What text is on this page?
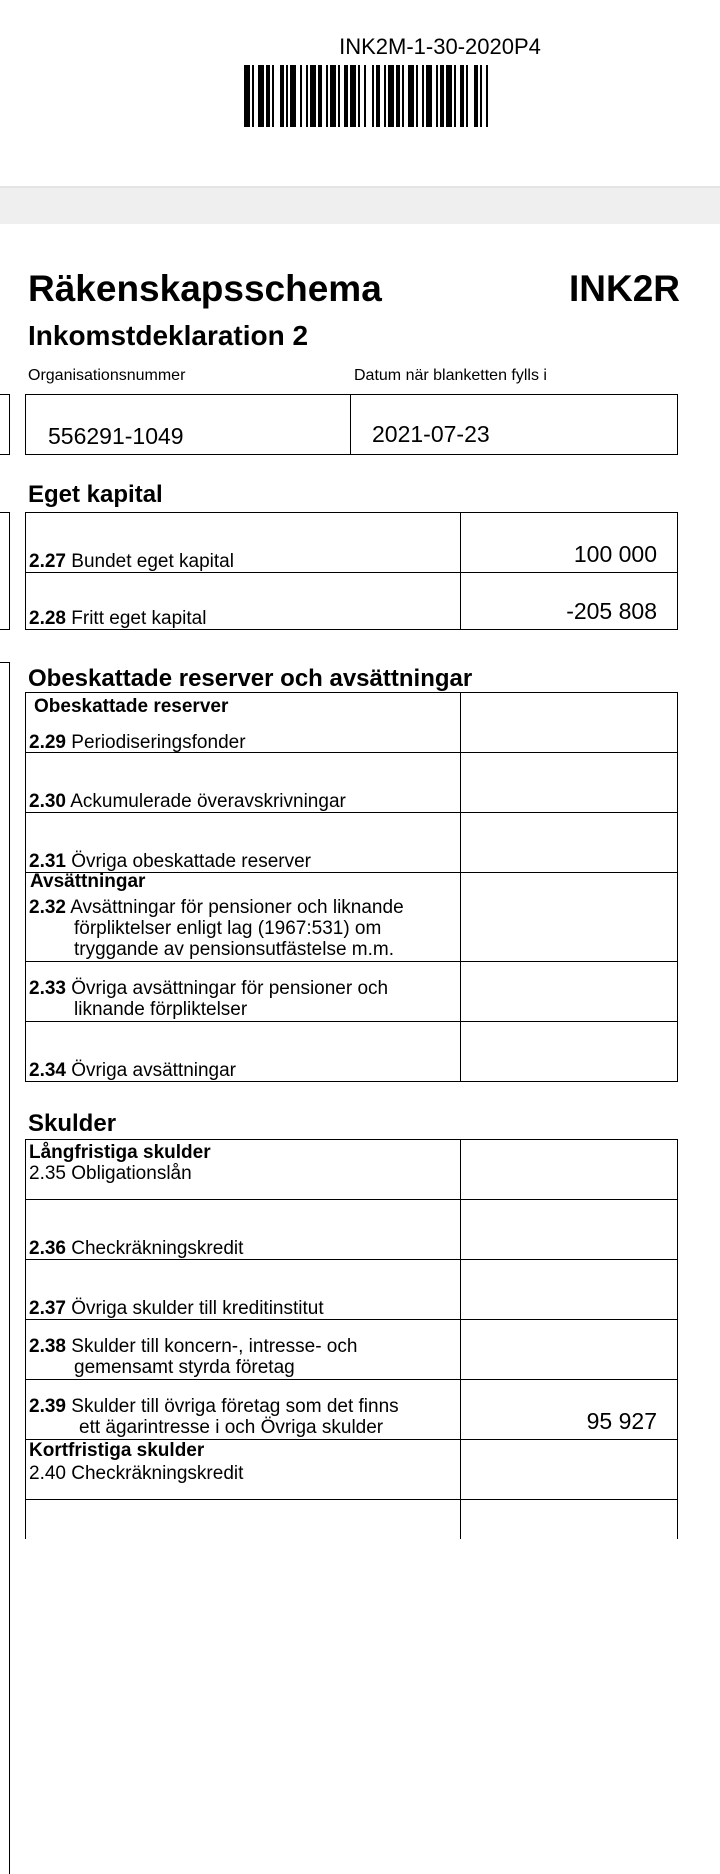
INK2M-1-30-2020P4
Räkenskapsschema	INK2R
Inkomstdeklaration 2
Organisationsnummer	Datum när blanketten fylls i
556291-1049	2021-07-23
Eget kapital
2.27 Bundet eget kapital	100 000
2.28 Fritt eget kapital	-205 808
Obeskattade reserver och avsättningar
Obeskattade reserver
2.29 Periodiseringsfonder
2.30 Ackumulerade överavskrivningar
2.31 Övriga obeskattade reserver
Avsättningar
2.32 Avsättningar för pensioner och liknande
förpliktelser enligt lag (1967:531) om
tryggande av pensionsutfästelse m.m.
2.33 Övriga avsättningar för pensioner och
liknande förpliktelser
2.34 Övriga avsättningar
Skulder
Långfristiga skulder
2.35 Obligationslån
2.36 Checkräkningskredit
2.37 Övriga skulder till kreditinstitut
2.38 Skulder till koncern-, intresse- och
gemensamt styrda företag
2.39 Skulder till övriga företag som det finns
ett ägarintresse i och Övriga skulder	95 927
Kortfristiga skulder
2.40 Checkräkningskredit
